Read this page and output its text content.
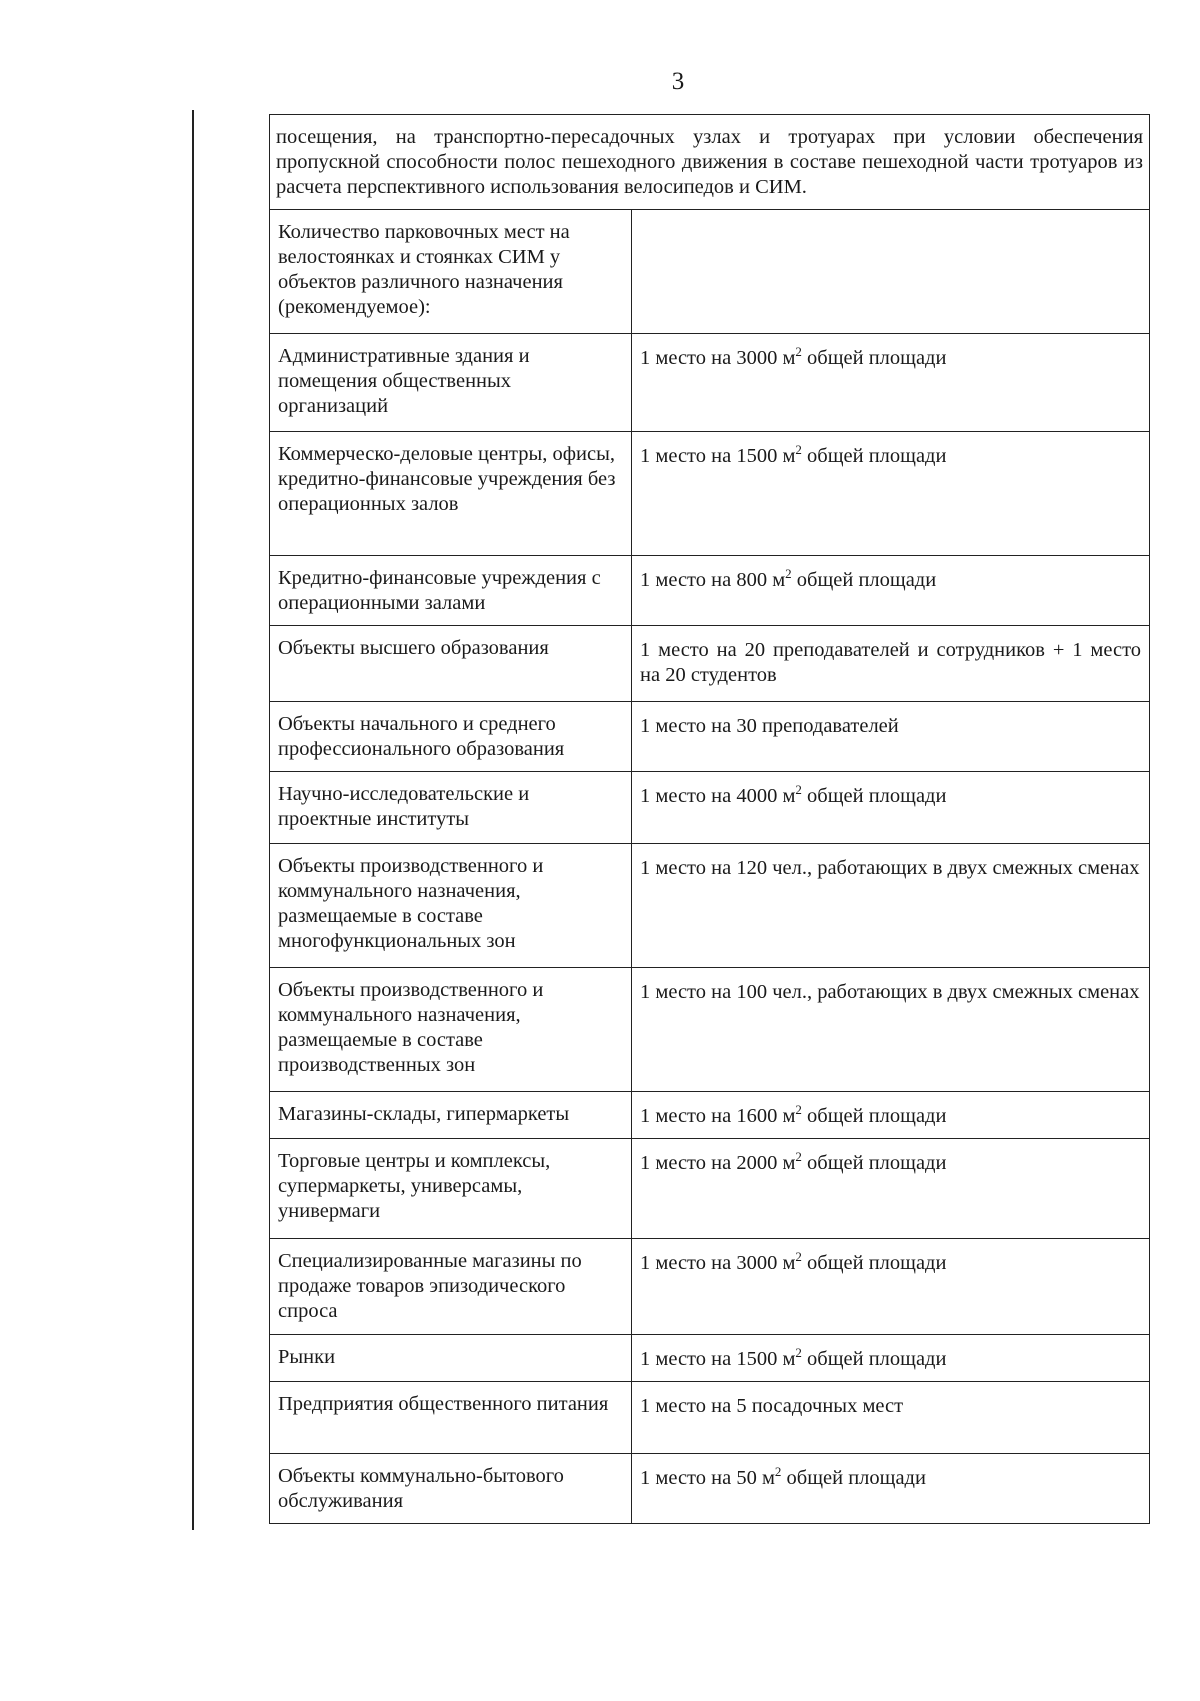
3
посещения, на транспортно-пересадочных узлах и тротуарах при условии обеспечения пропускной способности полос пешеходного движения в составе пешеходной части тротуаров из расчета перспективного использования велосипедов и СИМ.	
Количество парковочных мест на велостоянках и стоянках СИМ у объектов различного назначения (рекомендуемое):	
Административные здания и помещения общественных организаций	1 место на 3000 $м^2$ общей площади
Коммерческо-деловые центры, офисы, кредитно-финансовые учреждения без операционных залов	1 место на 1500 $м^2$ общей площади
Кредитно-финансовые учреждения с операционными залами	1 место на 800 $м^2$ общей площади
Объекты высшего образования	1 место на 20 преподавателей и сотрудников + 1 место на 20 студентов
Объекты начального и среднего профессионального образования	1 место на 30 преподавателей
Научно-исследовательские и проектные институты	1 место на 4000 $м^2$ общей площади
Объекты производственного и коммунального назначения, размещаемые в составе многофункциональных зон	1 место на 120 чел., работающих в двух смежных сменах
Объекты производственного и коммунального назначения, размещаемые в составе производственных зон	1 место на 100 чел., работающих в двух смежных сменах
Магазины-склады, гипермаркеты	1 место на 1600 $м^2$ общей площади
Торговые центры и комплексы, супермаркеты, универсамы, универмаги	1 место на 2000 $м^2$ общей площади
Специализированные магазины по продаже товаров эпизодического спроса	1 место на 3000 $м^2$ общей площади
Рынки	1 место на 1500 $м^2$ общей площади
Предприятия общественного питания	1 место на 5 посадочных мест
Объекты коммунально-бытового обслуживания	1 место на 50 $м^2$ общей площади
